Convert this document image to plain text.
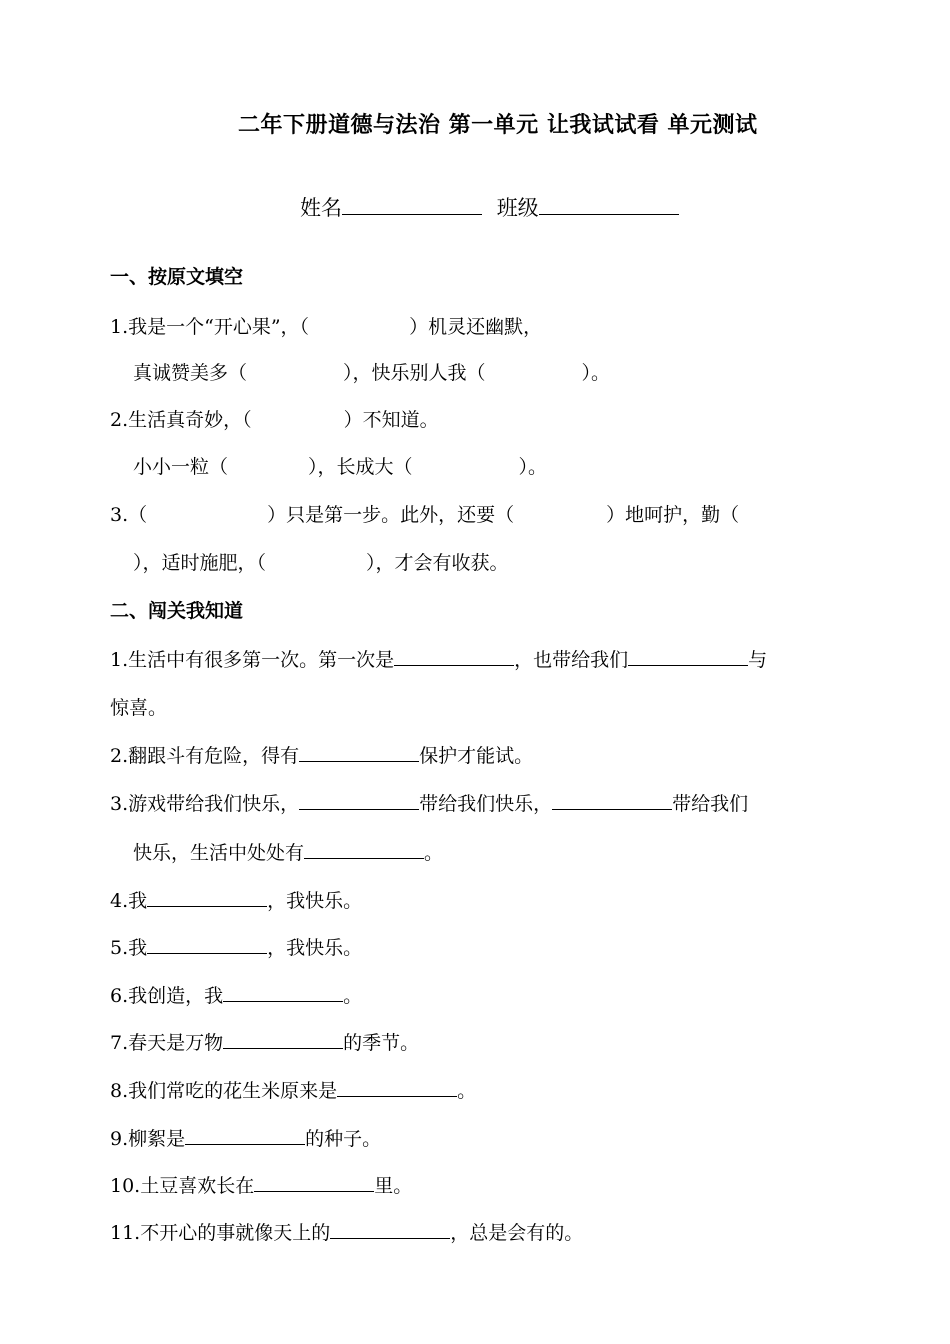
二年下册道德与法治 第一单元 让我试试看 单元测试
姓名	班级
一、按原文填空
1.我是一个“开心果”，（	）机灵还幽默，
真诚赞美多（	），快乐别人我（	）。
2.生活真奇妙，（	）不知道。
小小一粒（	），长成大（	）。
3.（	）只是第一步。此外，还要（	）地呵护，勤（
），适时施肥，（	），才会有收获。
二、闯关我知道
1.生活中有很多第一次。第一次是	，也带给我们	与
惊喜。
2.翻跟斗有危险，得有	保护才能试。
3.游戏带给我们快乐，	带给我们快乐，	带给我们
快乐，生活中处处有	。
4.我	，我快乐。
5.我	，我快乐。
6.我创造，我	。
7.春天是万物	的季节。
8.我们常吃的花生米原来是	。
9.柳絮是	的种子。
10.土豆喜欢长在	里。
11.不开心的事就像天上的	，总是会有的。
